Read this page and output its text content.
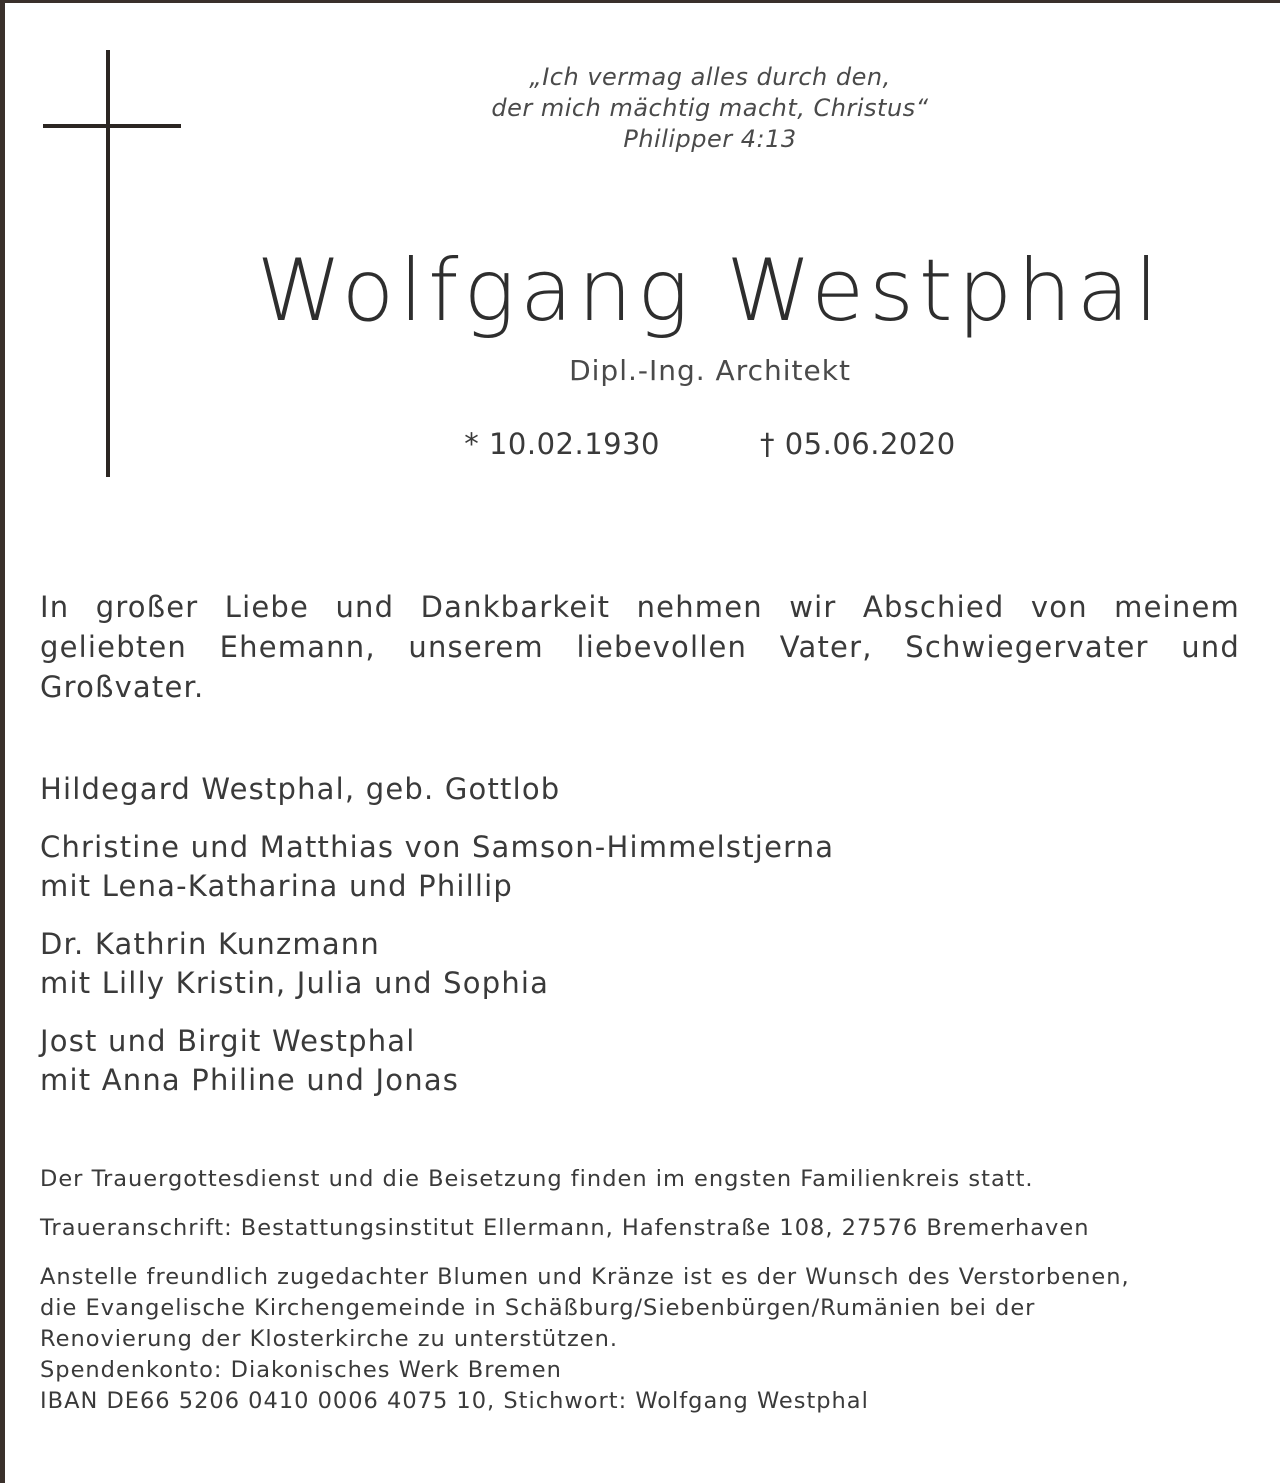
„Ich vermag alles durch den,
der mich mächtig macht, Christus“
Philipper 4:13
Wolfgang Westphal
Dipl.-Ing. Architekt
* 10.02.1930	† 05.06.2020
In großer Liebe und Dankbarkeit nehmen wir Abschied von meinem geliebten Ehemann, unserem liebevollen Vater, Schwiegervater und Großvater.
Hildegard Westphal, geb. Gottlob
Christine und Matthias von Samson-Himmelstjerna
mit Lena-Katharina und Phillip
Dr. Kathrin Kunzmann
mit Lilly Kristin, Julia und Sophia
Jost und Birgit Westphal
mit Anna Philine und Jonas
Der Trauergottesdienst und die Beisetzung finden im engsten Familienkreis statt.
Traueranschrift: Bestattungsinstitut Ellermann, Hafenstraße 108, 27576 Bremerhaven
Anstelle freundlich zugedachter Blumen und Kränze ist es der Wunsch des Verstorbenen,
die Evangelische Kirchengemeinde in Schäßburg/Siebenbürgen/Rumänien bei der
Renovierung der Klosterkirche zu unterstützen.
Spendenkonto: Diakonisches Werk Bremen
IBAN DE66 5206 0410 0006 4075 10, Stichwort: Wolfgang Westphal
